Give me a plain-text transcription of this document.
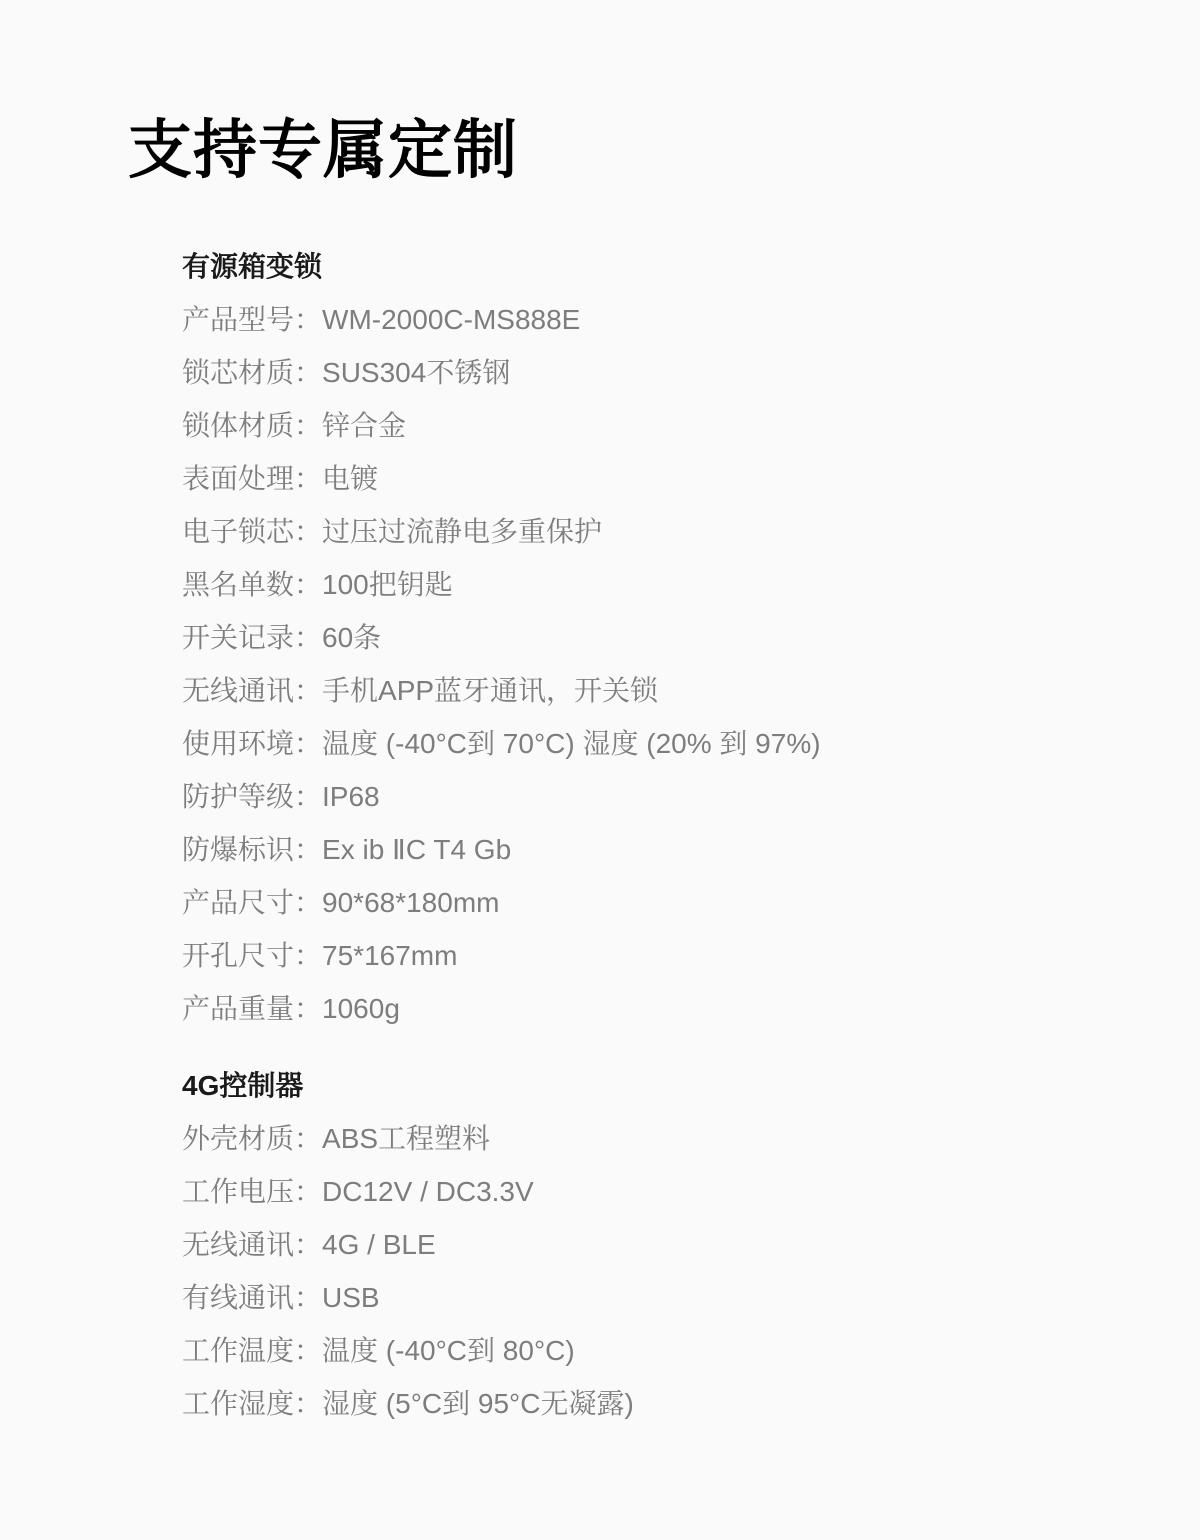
支持专属定制
有源箱变锁
产品型号：WM-2000C-MS888E
锁芯材质：SUS304不锈钢
锁体材质：锌合金
表面处理：电镀
电子锁芯：过压过流静电多重保护
黑名单数：100把钥匙
开关记录：60条
无线通讯：手机APP蓝牙通讯，开关锁
使用环境：温度 (-40°C到 70°C) 湿度 (20% 到 97%)
防护等级：IP68
防爆标识：Ex ib ⅡC T4 Gb
产品尺寸：90*68*180mm
开孔尺寸：75*167mm
产品重量：1060g
4G控制器
外壳材质：ABS工程塑料
工作电压：DC12V / DC3.3V
无线通讯：4G / BLE
有线通讯：USB
工作温度：温度 (-40°C到 80°C)
工作湿度：湿度 (5°C到 95°C无凝露)
